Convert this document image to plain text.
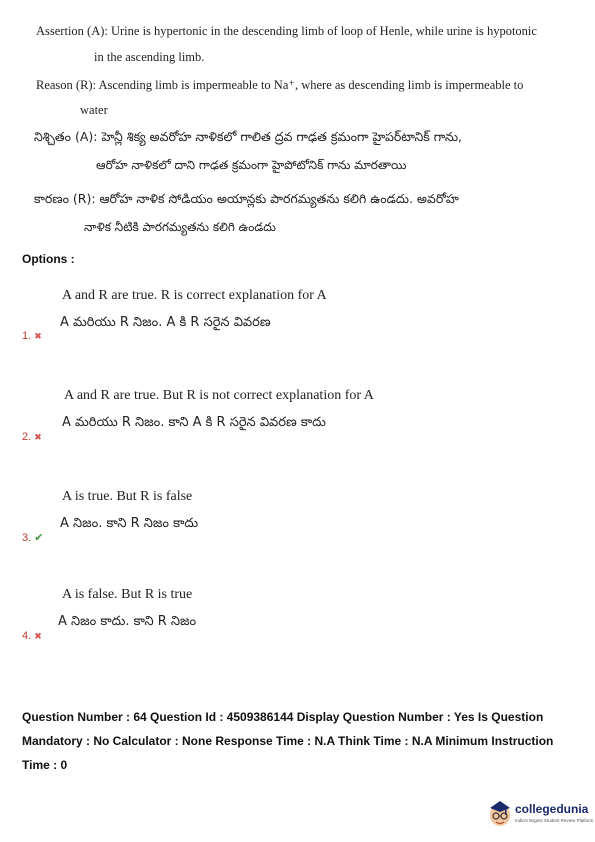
Assertion (A): Urine is hypertonic in the descending limb of loop of Henle, while urine is hypotonic
in the ascending limb.
Reason (R): Ascending limb is impermeable to Na⁺, where as descending limb is impermeable to
water
నిశ్చితం (A): హెన్లీ శిక్య అవరోహ నాళికలో గాలిత ద్రవ గాఢత క్రమంగా హైపర్‌టానిక్ గాను,
ఆరోహ నాళికలో దాని గాఢత క్రమంగా హైపోటోనిక్ గాను మారతాయి
కారణం (R): ఆరోహ నాళిక సోడియం అయాన్లకు పారగమ్యతను కలిగి ఉండదు. అవరోహ
నాళిక నీటికి పారగమ్యతను కలిగి ఉండదు
Options :
A and R are true. R is correct explanation for A
A మరియు R నిజం. A కి R సరైన వివరణ
1. ✖
A and R are true. But R is not correct explanation for A
A మరియు R నిజం. కాని A కి R సరైన వివరణ కాదు
2. ✖
A is true. But R is false
A నిజం. కాని R నిజం కాదు
3. ✔
A is false. But R is true
A నిజం కాదు. కాని R నిజం
4. ✖
Question Number : 64 Question Id : 4509386144 Display Question Number : Yes Is Question
Mandatory : No Calculator : None Response Time : N.A Think Time : N.A Minimum Instruction
Time : 0
collegedunia
India's largest Student Review Platform
